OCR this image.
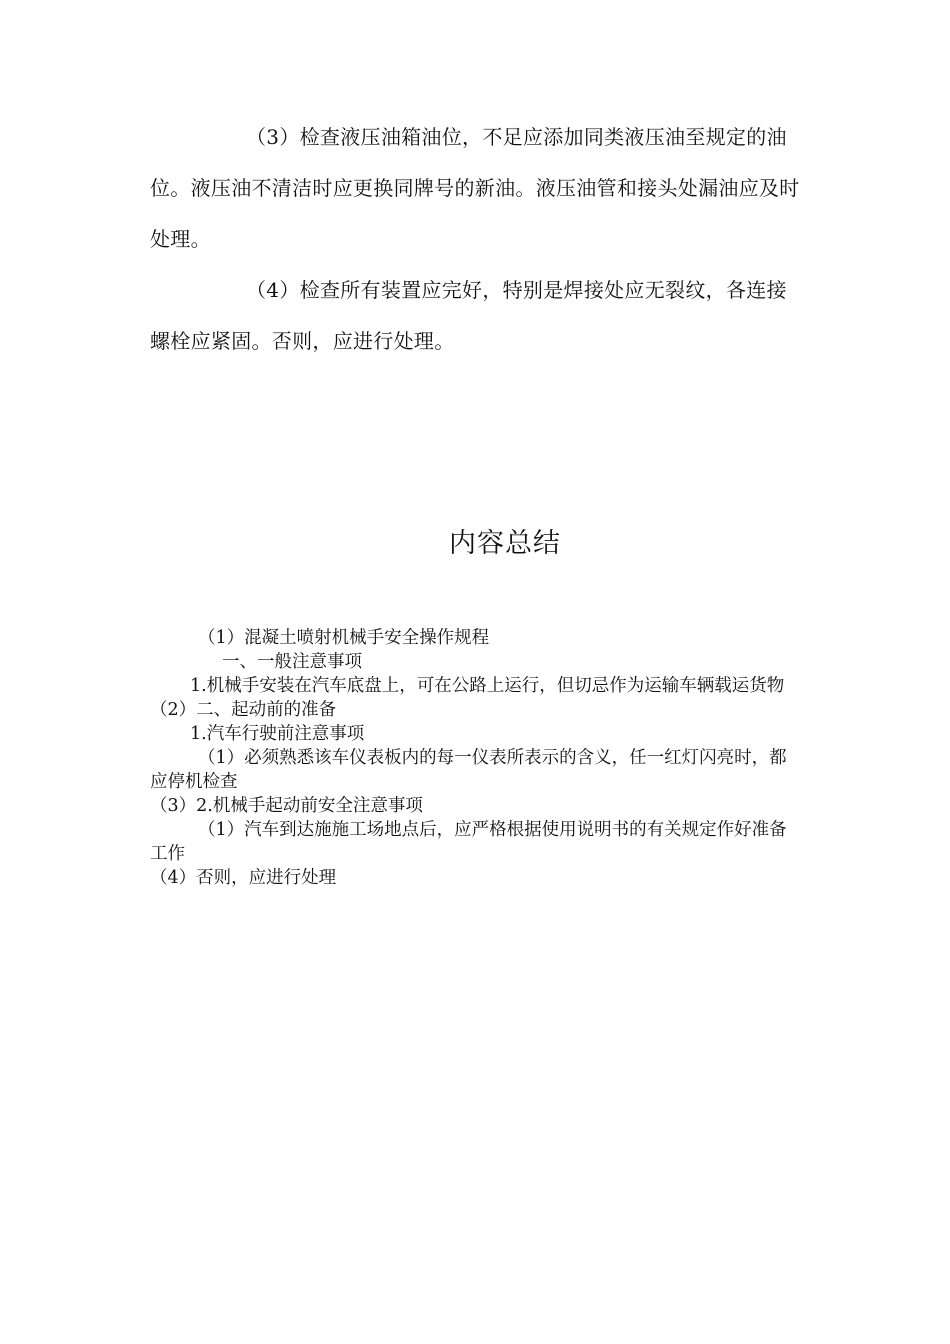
（3）检查液压油箱油位，不足应添加同类液压油至规定的油位。液压油不清洁时应更换同牌号的新油。液压油管和接头处漏油应及时处理。

（4）检查所有装置应完好，特别是焊接处应无裂纹，各连接螺栓应紧固。否则，应进行处理。

内容总结

（1）混凝土喷射机械手安全操作规程

一、一般注意事项

1.机械手安装在汽车底盘上，可在公路上运行，但切忌作为运输车辆载运货物

（2）二、起动前的准备

1.汽车行驶前注意事项

（1）必须熟悉该车仪表板内的每一仪表所表示的含义，任一红灯闪亮时，都应停机检查

（3）2.机械手起动前安全注意事项

（1）汽车到达施施工场地点后，应严格根据使用说明书的有关规定作好准备工作

（4）否则，应进行处理
